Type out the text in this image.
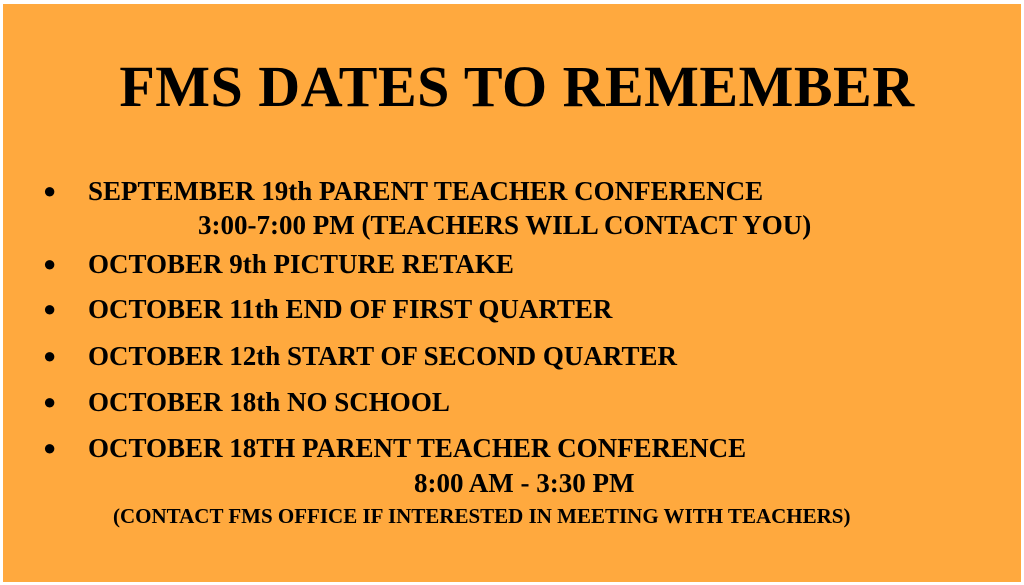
FMS DATES TO REMEMBER
● SEPTEMBER 19th PARENT TEACHER CONFERENCE
3:00-7:00 PM (TEACHERS WILL CONTACT YOU)
● OCTOBER 9th PICTURE RETAKE
● OCTOBER 11th END OF FIRST QUARTER
● OCTOBER 12th START OF SECOND QUARTER
● OCTOBER 18th NO SCHOOL
● OCTOBER 18TH PARENT TEACHER CONFERENCE
8:00 AM - 3:30 PM
(CONTACT FMS OFFICE IF INTERESTED IN MEETING WITH TEACHERS)
